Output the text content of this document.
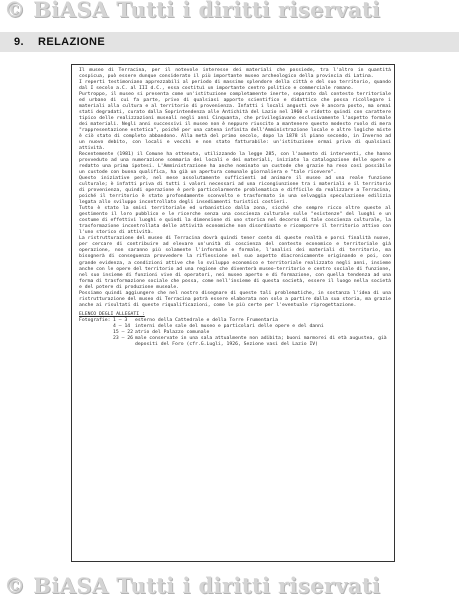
© BiASA Tutti i diritti riservati
9. RELAZIONE

Il museo di Terracina, per il notevole interesse dei materiali che possiede, tra l'altro in quantità cospicua, può essere dunque considerato il più importante museo archeologico della provincia di Latina.

I reperti testimoniano apprezzabili al periodo di massimo splendore della città e del suo territorio, quando dal I secolo a.C. al III d.C., essa costituì un importante centro politico e commerciale romano.

Purtroppo, il museo si presenta come un'istituzione completamente inerte, separato dal contesto territoriale ed urbano di cui fa parte, privo di qualsiasi apporto scientifico e didattico che possa ricollegare i materiali alla cultura e al territorio di provenienza. Infatti i locali angusti ove è ancora posto, ma ormai stati degradati, curato dalla Soprintendenza alle Antichità del Lazio nel 1960 e ridotto quindi con carattere tipico delle realizzazioni museali negli anni Cinquanta, che privilegiavano esclusivamente l'aspetto formale dei materiali. Negli anni successivi il museo non è neppure riuscito a mantenere questo modesto ruolo di mera "rappresentazione estetica", poiché per una catena infinita dell'Amministrazione locale e altre logiche miste è ciò stato di completo abbandono. Alla metà del primo secolo, dopo la 1878 il piano secondo, in Inverno ad un nuovo debito, con locali e vecchi e non stato fatturabile: un'istituzione ormai priva di qualsiasi attività.

Recentemente (1981) il Comune ha ottenuto, utilizzando la legge 285, con l'aumento di interventi, che hanno provveduto ad una numerazione sommaria dei locali e dei materiali, iniziato la catalogazione delle opere e redatto una prima ipotesi. L'Amministrazione ha anche nominato un custode che grazie ha reso così possibile un custode con buona qualifica, ha già un apertura comunale giornaliera e "tale ricevere".

Questo iniziative però, nel mese assolutamente sufficienti ad animare il museo ad una reale funzione culturale; è infatti priva di tutti i valori necessari ad una ricongiunzione tra i materiali e il territorio di provenienza, quindi operazione è però particolarmente problematica e difficile da realizzare a Terracina, poiché il territorio è stato profondamente sconvolto e trasformato in una selvaggia speculazione edilizia legata allo sviluppo incontrollato degli insediamenti turistici costieri.

Tutto è stato la smisi territoriale ed urbanistico dalla zona, sicché che sempre ricco oltre queste al gestimento il loro pubblico e le ricerche senza una coscienza culturale sulle "esistenze" del luoghi e un costume di effettivi luoghi e quindi la dimensione di uno storica nel decorso di tale coscienza culturale, la trasformazione incontrollata delle attività economiche non disordinato e ricomporre il territorio attivo con l'uno storico di attività.

La ristrutturazione del museo di Terracina dovrà quindi tener conto di queste realtà e porsi finalità nuove, per cercare di contribuire ad elevare un'unità di coscienza del contesto economico e territoriale già operazione, non saranno più solamente l'informale e formale, l'analisi dei materiali di territorio, ma bisognerà di conseguenza provvedere la riflessione nel suo aspetto diacronicamente originando e poi, con grande evidenza, a condizioni attive che lo sviluppo economico e territoriale realizzato negli anni, insieme anche con le opere del territorio ad una regione che diventerà museo-territorio e centro sociale di funzione, nel suo insieme di funzioni vive di operatori, nei museo aperto e di formazione, con quella tendenza ad una forma di trasformazione sociale che possa, come nell'insieme di questa società, essere il luogo nella società e del potere di produzione museale.

Possiamo quindi aggiungere che nel nostro disegnare di queste tali problematiche, in sostanza l'idea di una ristrutturazione del museo di Terracina potrà essere elaborata non solo a partire dalla sua storia, ma grazie anche ai risultati di queste riqualificazioni, come le più certe per l'eventuale riprogettazione.

ELENCO DEGLI ALLEGATI :

Fotografie: 1 – 3	esterno della Cattedrale e della Torre Frumentaria
4 – 14	interni delle sale del museo e particolari delle opere e del danni
15 – 22 atrio del Palazzo comunale
23 – 26 male conservate in una sala attualmente non adibita; buoni marmorei di età augustea, già depositi del Foro (cfr.G.Lugli, 1926, Sezione vasi del Lazio IV)
© BiASA Tutti i diritti riservati
